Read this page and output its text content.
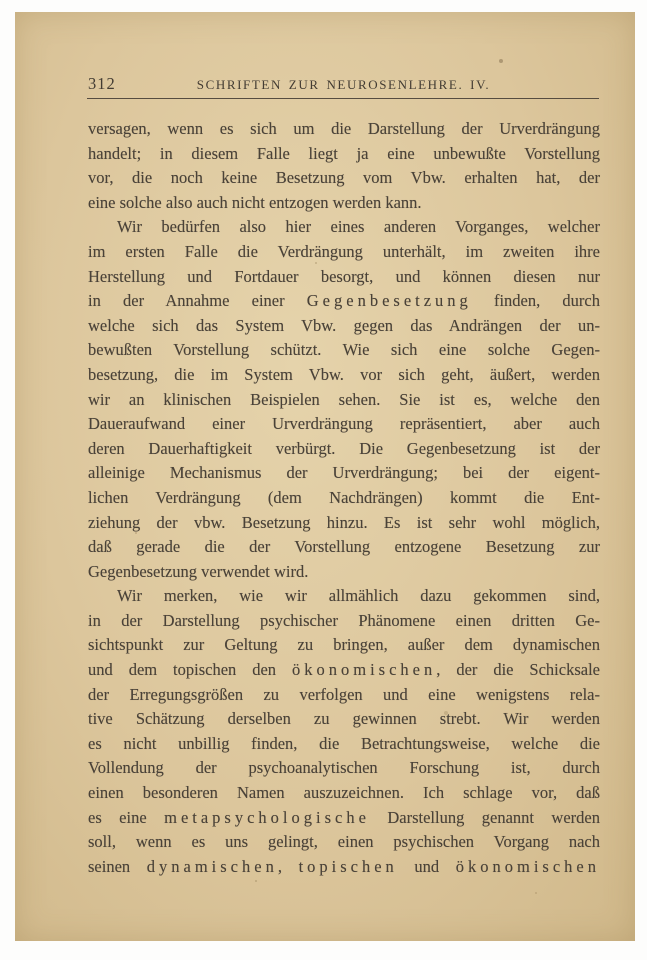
312	SCHRIFTEN ZUR NEUROSENLEHRE. IV.
versagen, wenn es sich um die Darstellung der Urverdrängung
handelt; in diesem Falle liegt ja eine unbewußte Vorstellung
vor, die noch keine Besetzung vom Vbw. erhalten hat, der
eine solche also auch nicht entzogen werden kann.
Wir bedürfen also hier eines anderen Vorganges, welcher
im ersten Falle die Verdrängung unterhält, im zweiten ihre
Herstellung und Fortdauer besorgt, und können diesen nur
in der Annahme einer Gegenbesetzung finden, durch
welche sich das System Vbw. gegen das Andrängen der un-
bewußten Vorstellung schützt. Wie sich eine solche Gegen-
besetzung, die im System Vbw. vor sich geht, äußert, werden
wir an klinischen Beispielen sehen. Sie ist es, welche den
Daueraufwand einer Urverdrängung repräsentiert, aber auch
deren Dauerhaftigkeit verbürgt. Die Gegenbesetzung ist der
alleinige Mechanismus der Urverdrängung; bei der eigent-
lichen Verdrängung (dem Nachdrängen) kommt die Ent-
ziehung der vbw. Besetzung hinzu. Es ist sehr wohl möglich,
daß gerade die der Vorstellung entzogene Besetzung zur
Gegenbesetzung verwendet wird.
Wir merken, wie wir allmählich dazu gekommen sind,
in der Darstellung psychischer Phänomene einen dritten Ge-
sichtspunkt zur Geltung zu bringen, außer dem dynamischen
und dem topischen den ökonomischen, der die Schicksale
der Erregungsgrößen zu verfolgen und eine wenigstens rela-
tive Schätzung derselben zu gewinnen strebt. Wir werden
es nicht unbillig finden, die Betrachtungsweise, welche die
Vollendung der psychoanalytischen Forschung ist, durch
einen besonderen Namen auszuzeichnen. Ich schlage vor, daß
es eine metapsychologische Darstellung genannt werden
soll, wenn es uns gelingt, einen psychischen Vorgang nach
seinen dynamischen, topischen und ökonomischen
